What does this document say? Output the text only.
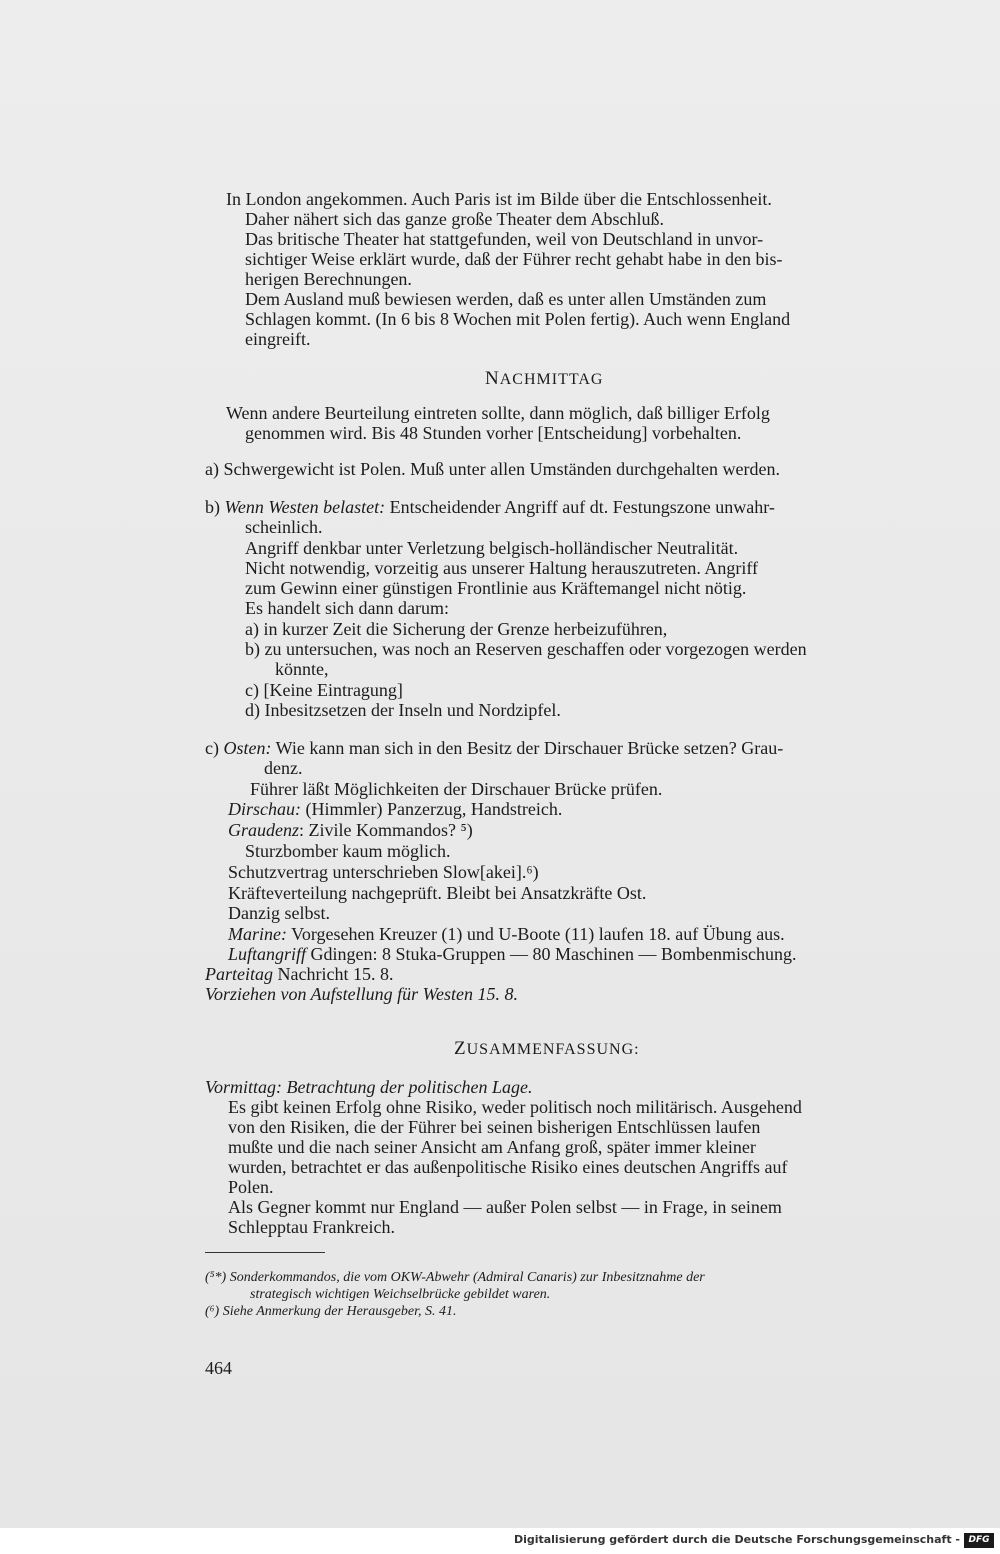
In London angekommen. Auch Paris ist im Bilde über die Entschlossenheit.
Daher nähert sich das ganze große Theater dem Abschluß.
Das britische Theater hat stattgefunden, weil von Deutschland in unvor-
sichtiger Weise erklärt wurde, daß der Führer recht gehabt habe in den bis-
herigen Berechnungen.
Dem Ausland muß bewiesen werden, daß es unter allen Umständen zum
Schlagen kommt. (In 6 bis 8 Wochen mit Polen fertig). Auch wenn England
eingreift.
NACHMITTAG
Wenn andere Beurteilung eintreten sollte, dann möglich, daß billiger Erfolg
genommen wird. Bis 48 Stunden vorher [Entscheidung] vorbehalten.
a) Schwergewicht ist Polen. Muß unter allen Umständen durchgehalten werden.
b) Wenn Westen belastet: Entscheidender Angriff auf dt. Festungszone unwahr-
scheinlich.
Angriff denkbar unter Verletzung belgisch-holländischer Neutralität.
Nicht notwendig, vorzeitig aus unserer Haltung herauszutreten. Angriff
zum Gewinn einer günstigen Frontlinie aus Kräftemangel nicht nötig.
Es handelt sich dann darum:
a) in kurzer Zeit die Sicherung der Grenze herbeizuführen,
b) zu untersuchen, was noch an Reserven geschaffen oder vorgezogen werden
könnte,
c) [Keine Eintragung]
d) Inbesitzsetzen der Inseln und Nordzipfel.
c) Osten: Wie kann man sich in den Besitz der Dirschauer Brücke setzen? Grau-
denz.
Führer läßt Möglichkeiten der Dirschauer Brücke prüfen.
Dirschau: (Himmler) Panzerzug, Handstreich.
Graudenz: Zivile Kommandos? ⁵)
Sturzbomber kaum möglich.
Schutzvertrag unterschrieben Slow[akei].⁶)
Kräfteverteilung nachgeprüft. Bleibt bei Ansatzkräfte Ost.
Danzig selbst.
Marine: Vorgesehen Kreuzer (1) und U-Boote (11) laufen 18. auf Übung aus.
Luftangriff Gdingen: 8 Stuka-Gruppen — 80 Maschinen — Bombenmischung.
Parteitag Nachricht 15. 8.
Vorziehen von Aufstellung für Westen 15. 8.
ZUSAMMENFASSUNG:
Vormittag: Betrachtung der politischen Lage.
Es gibt keinen Erfolg ohne Risiko, weder politisch noch militärisch. Ausgehend
von den Risiken, die der Führer bei seinen bisherigen Entschlüssen laufen
mußte und die nach seiner Ansicht am Anfang groß, später immer kleiner
wurden, betrachtet er das außenpolitische Risiko eines deutschen Angriffs auf
Polen.
Als Gegner kommt nur England — außer Polen selbst — in Frage, in seinem
Schlepptau Frankreich.
(⁵*) Sonderkommandos, die vom OKW-Abwehr (Admiral Canaris) zur Inbesitznahme der
strategisch wichtigen Weichselbrücke gebildet waren.
(⁶) Siehe Anmerkung der Herausgeber, S. 41.
464
Digitalisierung gefördert durch die Deutsche Forschungsgemeinschaft - DFG
